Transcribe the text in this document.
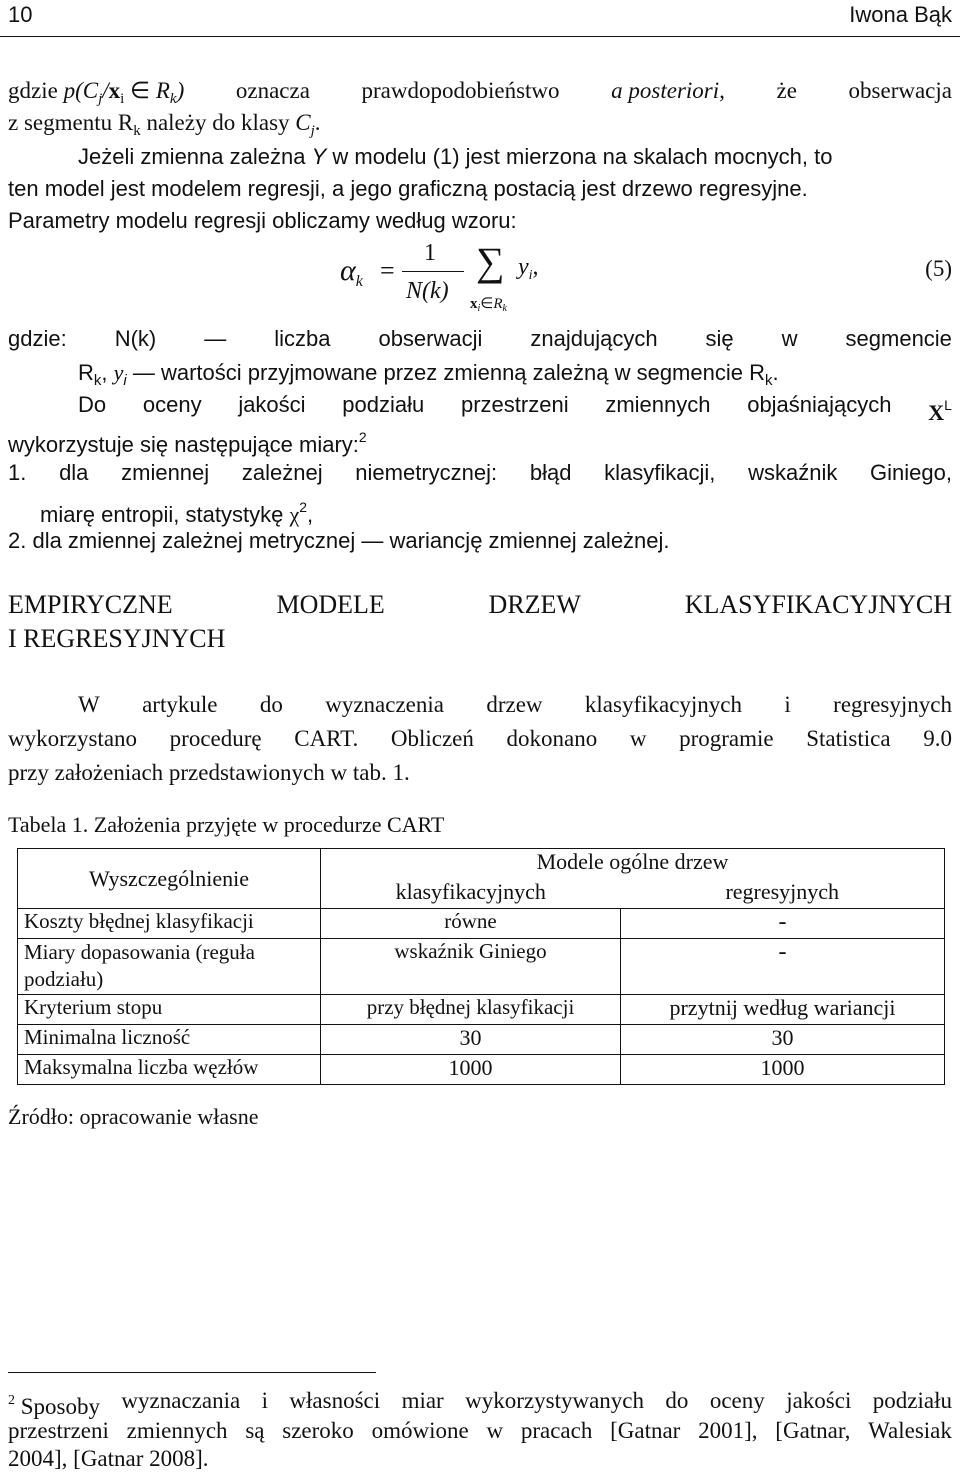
10	Iwona Bąk
gdzie $p(C_j/x_i$ ∈ $R_k$) oznacza prawdopodobieństwo a posteriori, że obserwacja
z segmentu $R_k$ należy do klasy $C_j$.
Jeżeli zmienna zależna Y w modelu (1) jest mierzona na skalach mocnych, to
ten model jest modelem regresji, a jego graficzną postacią jest drzewo regresyjne.
Parametry modelu regresji obliczamy według wzoru:
$\alpha_k$ =
1
N(k)
∑ $y_i$,
$x_i\in R_k$
(5)
gdzie: N(k) — liczba obserwacji znajdujących się w segmencie
$R_k$, $y_i$ — wartości przyjmowane przez zmienną zależną w segmencie $R_k$.
Do oceny jakości podziału przestrzeni zmiennych objaśniających $X^L$
wykorzystuje się następujące miary:$^2$
1. dla zmiennej zależnej niemetrycznej: błąd klasyfikacji, wskaźnik Giniego,
miarę entropii, statystykę $\chi^2$,
2. dla zmiennej zależnej metrycznej — wariancję zmiennej zależnej.
EMPIRYCZNE	MODELE	DRZEW	KLASYFIKACYJNYCH
I REGRESYJNYCH
W artykule do wyznaczenia drzew klasyfikacyjnych i regresyjnych
wykorzystano procedurę CART. Obliczeń dokonano w programie Statistica 9.0
przy założeniach przedstawionych w tab. 1.
Tabela 1. Założenia przyjęte w procedurze CART
Wyszczególnienie	Modele ogólne drzew	
	klasyfikacyjnych	regresyjnych
Koszty błędnej klasyfikacji	równe	-
Miary dopasowania (reguła podziału)	wskaźnik Giniego	-
Kryterium stopu	przy błędnej klasyfikacji	przytnij według wariancji
Minimalna liczność	30	30
Maksymalna liczba węzłów	1000	1000
Źródło: opracowanie własne
$^2$ Sposoby wyznaczania i własności miar wykorzystywanych do oceny jakości podziału
przestrzeni zmiennych są szeroko omówione w pracach [Gatnar 2001], [Gatnar, Walesiak
2004], [Gatnar 2008].
